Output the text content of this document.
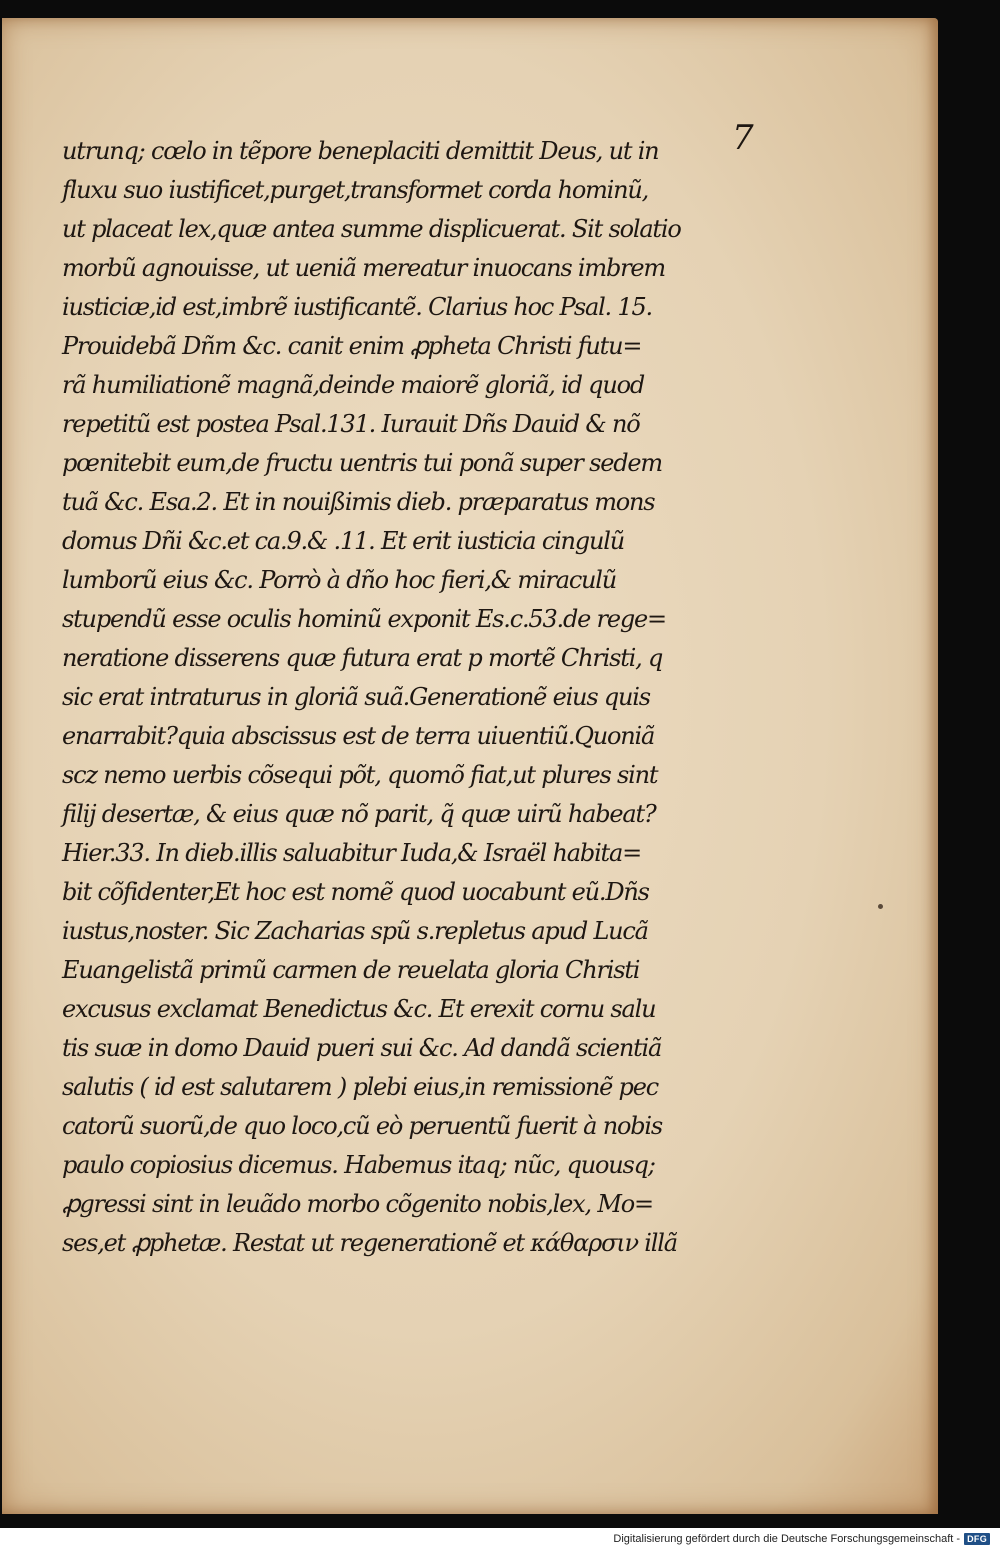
7

utrunq; cœlo in tẽpore beneplaciti demittit Deus, ut in
fluxu suo iustificet,purget,transformet corda hominũ,
ut placeat lex,quæ antea summe displicuerat. Sit solatio
morbũ agnouisse, ut ueniã mereatur inuocans imbrem
iusticiæ,id est,imbrẽ iustificantẽ. Clarius hoc Psal. 15.
Prouidebã Dñm &c. canit enim ꝓpheta Christi futu=
rã humiliationẽ magnã,deinde maiorẽ gloriã, id quod
repetitũ est postea Psal.131. Iurauit Dñs Dauid & nõ
pœnitebit eum,de fructu uentris tui ponã super sedem
tuã &c. Esa.2. Et in nouißimis dieb. præparatus mons
domus Dñi &c.et ca.9.& .11. Et erit iusticia cingulũ
lumborũ eius &c. Porrò à dño hoc fieri,& miraculũ
stupendũ esse oculis hominũ exponit Es.c.53.de rege=
neratione disserens quæ futura erat p mortẽ Christi, q
sic erat intraturus in gloriã suã.Generationẽ eius quis
enarrabit?quia abscissus est de terra uiuentiũ.Quoniã
scz nemo uerbis cõsequi põt, quomõ fiat,ut plures sint
filij desertæ, & eius quæ nõ parit, q̃ quæ uirũ habeat?
Hier.33. In dieb.illis saluabitur Iuda,& Israël habita=
bit cõfidenter,Et hoc est nomẽ quod uocabunt eũ.Dñs
iustus,noster. Sic Zacharias spũ s.repletus apud Lucã
Euangelistã primũ carmen de reuelata gloria Christi
excusus exclamat Benedictus &c. Et erexit cornu salu
tis suæ in domo Dauid pueri sui &c. Ad dandã scientiã
salutis ( id est salutarem ) plebi eius,in remissionẽ pec
catorũ suorũ,de quo loco,cũ eò peruentũ fuerit à nobis
paulo copiosius dicemus. Habemus itaq; nũc, quousq;
ꝓgressi sint in leuãdo morbo cõgenito nobis,lex, Mo=
ses,et ꝓphetæ. Restat ut regenerationẽ et κάθαρσιν illã
Digitalisierung gefördert durch die Deutsche Forschungsgemeinschaft - DFG
